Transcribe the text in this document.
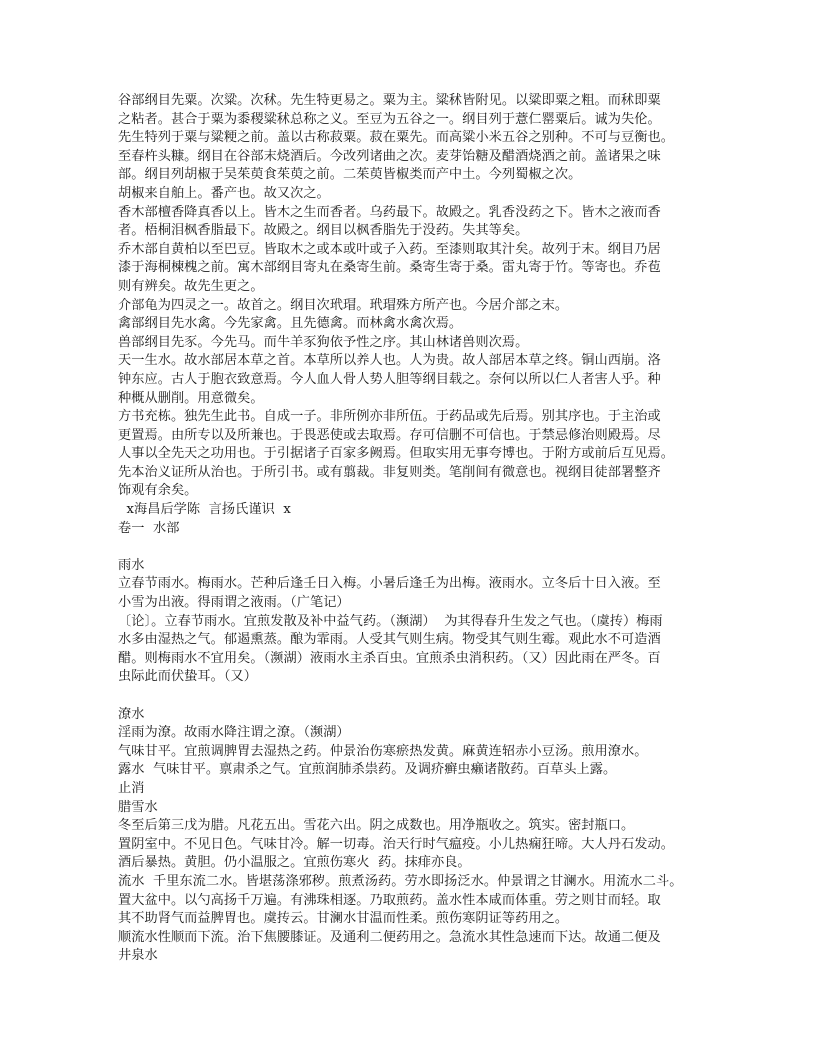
谷部纲目先粟。次粱。次秫。先生特更易之。粟为主。粱秫皆附见。以粱即粟之粗。而秫即粟
之粘者。甚合于粟为黍稷粱秫总称之义。至豆为五谷之一。纲目列于薏仁罂粟后。诚为失伦。
先生特列于粟与粱粳之前。盖以古称菽粟。菽在粟先。而高粱小米五谷之别种。不可与豆衡也。
至春杵头糠。纲目在谷部末烧酒后。今改列诸曲之次。麦芽饴糖及醋酒烧酒之前。盖诸果之味
部。纲目列胡椒于吴茱萸食茱萸之前。二茱萸皆椒类而产中土。今列蜀椒之次。
胡椒来自舶上。番产也。故又次之。
香木部檀香降真香以上。皆木之生而香者。乌药最下。故殿之。乳香没药之下。皆木之液而香
者。梧桐泪枫香脂最下。故殿之。纲目以枫香脂先于没药。失其等矣。
乔木部自黄柏以至巴豆。皆取木之或本或叶或子入药。至漆则取其汁矣。故列于末。纲目乃居
漆于海桐楝槐之前。寓木部纲目寄丸在桑寄生前。桑寄生寄于桑。雷丸寄于竹。等寄也。乔苞
则有辨矣。故先生更之。
介部龟为四灵之一。故首之。纲目次玳瑁。玳瑁殊方所产也。今居介部之末。
禽部纲目先水禽。今先家禽。且先德禽。而林禽水禽次焉。
兽部纲目先豕。今先马。而牛羊豕狗依予性之序。其山林诸兽则次焉。
天一生水。故水部居本草之首。本草所以养人也。人为贵。故人部居本草之终。铜山西崩。洛
钟东应。古人于胞衣致意焉。今人血人骨人势人胆等纲目载之。奈何以所以仁人者害人乎。种
种概从删削。用意微矣。
方书充栋。独先生此书。自成一子。非所例亦非所伍。于药品或先后焉。别其序也。于主治或
更置焉。由所专以及所兼也。于畏恶使或去取焉。存可信删不可信也。于禁忌修治则殿焉。尽
人事以全先天之功用也。于引据诸子百家多阙焉。但取实用无事夸博也。于附方或前后互见焉。
先本治义证所从治也。于所引书。或有翦裁。非复则类。笔削间有微意也。视纲目徒部署整齐
饰观有余矣。
x海昌后学陈  言扬氏谨识  x
卷一  水部
雨水
立春节雨水。梅雨水。芒种后逢壬日入梅。小暑后逢壬为出梅。液雨水。立冬后十日入液。至
小雪为出液。得雨谓之液雨。（广笔记）
〔论〕。立春节雨水。宜煎发散及补中益气药。（濒湖）  为其得春升生发之气也。（虞抟）梅雨
水多由湿热之气。郁遏熏蒸。酿为霏雨。人受其气则生病。物受其气则生霉。观此水不可造酒
醋。则梅雨水不宜用矣。（濒湖）液雨水主杀百虫。宜煎杀虫消积药。（又）因此雨在严冬。百
虫际此而伏蛰耳。（又）
潦水
淫雨为潦。故雨水降注谓之潦。（濒湖）
气味甘平。宜煎调脾胃去湿热之药。仲景治伤寒瘀热发黄。麻黄连轺赤小豆汤。煎用潦水。
露水  气味甘平。禀肃杀之气。宜煎润肺杀祟药。及调疥癣虫癞诸散药。百草头上露。
止消
腊雪水
冬至后第三戊为腊。凡花五出。雪花六出。阴之成数也。用净瓶收之。筑实。密封瓶口。
置阴室中。不见日色。气味甘冷。解一切毒。治天行时气瘟疫。小儿热痫狂啼。大人丹石发动。
酒后暴热。黄胆。仍小温服之。宜煎伤寒火  药。抹痱亦良。
流水  千里东流二水。皆堪荡涤邪秽。煎煮汤药。劳水即扬泛水。仲景谓之甘澜水。用流水二斗。
置大盆中。以勺高扬千万遍。有沸珠相逐。乃取煎药。盖水性本咸而体重。劳之则甘而轻。取
其不助肾气而益脾胃也。虞抟云。甘澜水甘温而性柔。煎伤寒阴证等药用之。
顺流水性顺而下流。治下焦腰膝证。及通利二便药用之。急流水其性急速而下达。故通二便及
井泉水
